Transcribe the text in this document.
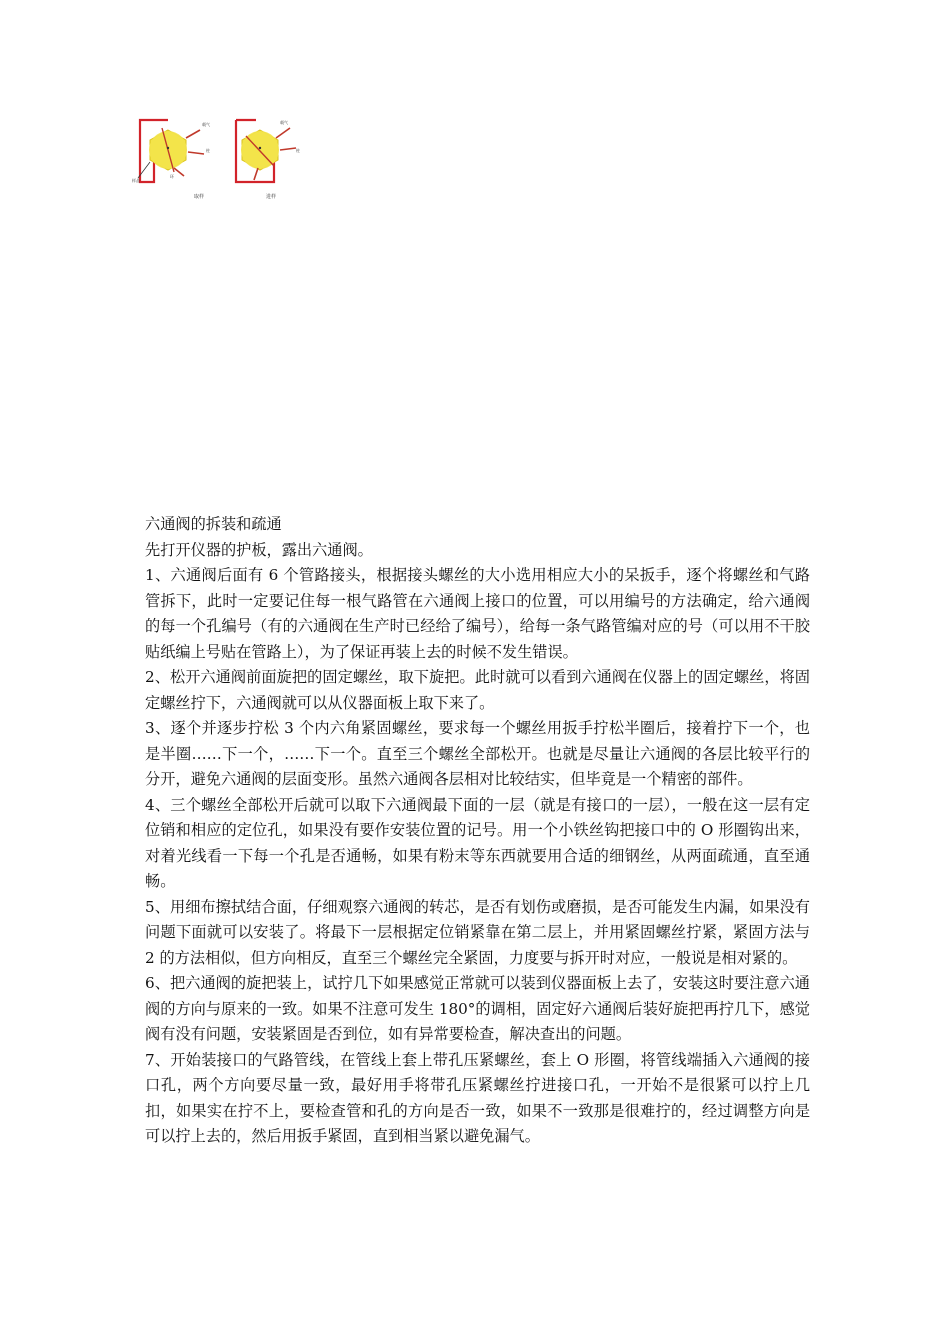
载气
柱
环
样品
取样
载气
柱
进样

六通阀的拆装和疏通

先打开仪器的护板，露出六通阀。

1、六通阀后面有 6 个管路接头，根据接头螺丝的大小选用相应大小的呆扳手，逐个将螺丝和气路管拆下，此时一定要记住每一根气路管在六通阀上接口的位置，可以用编号的方法确定，给六通阀的每一个孔编号（有的六通阀在生产时已经给了编号），给每一条气路管编对应的号（可以用不干胶贴纸编上号贴在管路上），为了保证再装上去的时候不发生错误。

2、松开六通阀前面旋把的固定螺丝，取下旋把。此时就可以看到六通阀在仪器上的固定螺丝，将固定螺丝拧下，六通阀就可以从仪器面板上取下来了。

3、逐个并逐步拧松 3 个内六角紧固螺丝，要求每一个螺丝用扳手拧松半圈后，接着拧下一个，也是半圈……下一个，……下一个。直至三个螺丝全部松开。也就是尽量让六通阀的各层比较平行的分开，避免六通阀的层面变形。虽然六通阀各层相对比较结实，但毕竟是一个精密的部件。

4、三个螺丝全部松开后就可以取下六通阀最下面的一层（就是有接口的一层），一般在这一层有定位销和相应的定位孔，如果没有要作安装位置的记号。用一个小铁丝钩把接口中的 O 形圈钩出来，对着光线看一下每一个孔是否通畅，如果有粉末等东西就要用合适的细钢丝，从两面疏通，直至通畅。

5、用细布擦拭结合面，仔细观察六通阀的转芯，是否有划伤或磨损，是否可能发生内漏，如果没有问题下面就可以安装了。将最下一层根据定位销紧靠在第二层上，并用紧固螺丝拧紧，紧固方法与 2 的方法相似，但方向相反，直至三个螺丝完全紧固，力度要与拆开时对应，一般说是相对紧的。

6、把六通阀的旋把装上，试拧几下如果感觉正常就可以装到仪器面板上去了，安装这时要注意六通阀的方向与原来的一致。如果不注意可发生 180°的调相，固定好六通阀后装好旋把再拧几下，感觉阀有没有问题，安装紧固是否到位，如有异常要检查，解决查出的问题。

7、开始装接口的气路管线，在管线上套上带孔压紧螺丝，套上 O 形圈，将管线端插入六通阀的接口孔，两个方向要尽量一致，最好用手将带孔压紧螺丝拧进接口孔，一开始不是很紧可以拧上几扣，如果实在拧不上，要检查管和孔的方向是否一致，如果不一致那是很难拧的，经过调整方向是可以拧上去的，然后用扳手紧固，直到相当紧以避免漏气。
